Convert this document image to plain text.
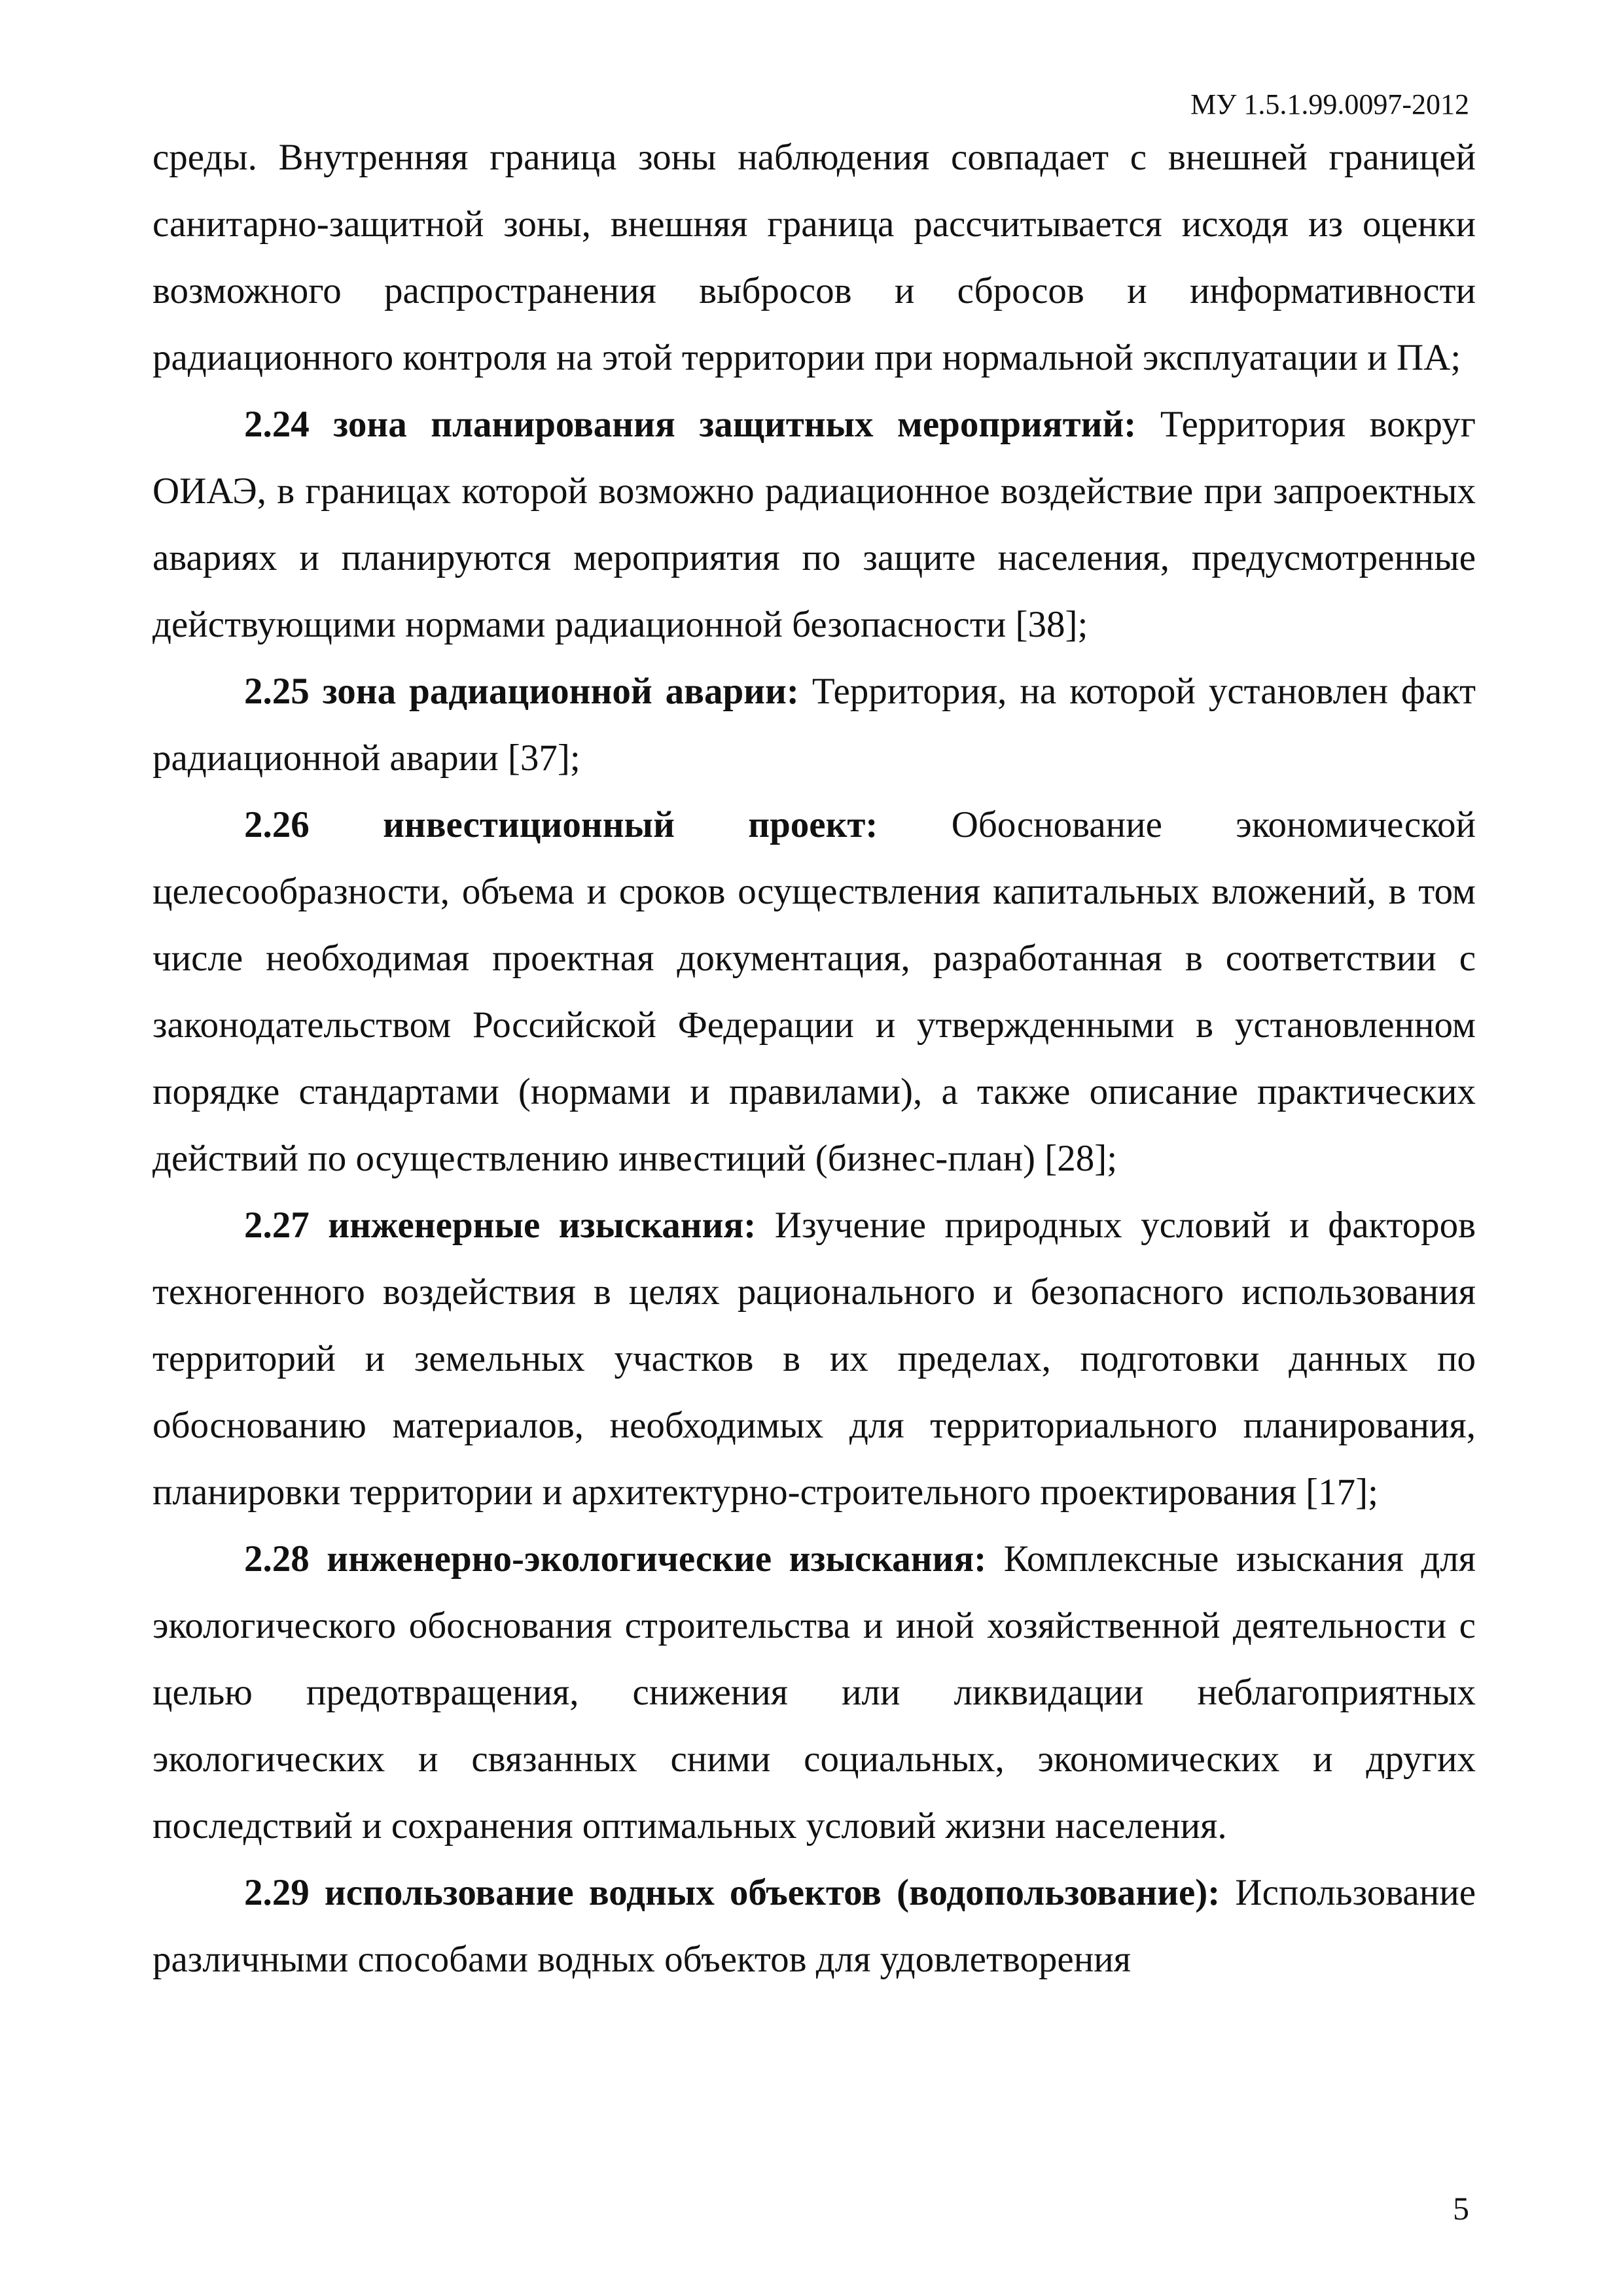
МУ 1.5.1.99.0097-2012

среды. Внутренняя граница зоны наблюдения совпадает с внешней границей санитарно-защитной зоны, внешняя граница рассчитывается исходя из оценки возможного распространения выбросов и сбросов и информативности радиационного контроля на этой территории при нормальной эксплуатации и ПА;

2.24 зона планирования защитных мероприятий: Территория вокруг ОИАЭ, в границах которой возможно радиационное воздействие при запроектных авариях и планируются мероприятия по защите населения, предусмотренные действующими нормами радиационной безопасности [38];

2.25 зона радиационной аварии: Территория, на которой установлен факт радиационной аварии [37];

2.26 инвестиционный проект: Обоснование экономической целесообразности, объема и сроков осуществления капитальных вложений, в том числе необходимая проектная документация, разработанная в соответствии с законодательством Российской Федерации и утвержденными в установленном порядке стандартами (нормами и правилами), а также описание практических действий по осуществлению инвестиций (бизнес-план) [28];

2.27 инженерные изыскания: Изучение природных условий и факторов техногенного воздействия в целях рационального и безопасного использования территорий и земельных участков в их пределах, подготовки данных по обоснованию материалов, необходимых для территориального планирования, планировки территории и архитектурно-строительного проектирования [17];

2.28 инженерно-экологические изыскания: Комплексные изыскания для экологического обоснования строительства и иной хозяйственной деятельности с целью предотвращения, снижения или ликвидации неблагоприятных экологических и связанных сними социальных, экономических и других последствий и сохранения оптимальных условий жизни населения.

2.29 использование водных объектов (водопользование): Использование различными способами водных объектов для удовлетворения

5
